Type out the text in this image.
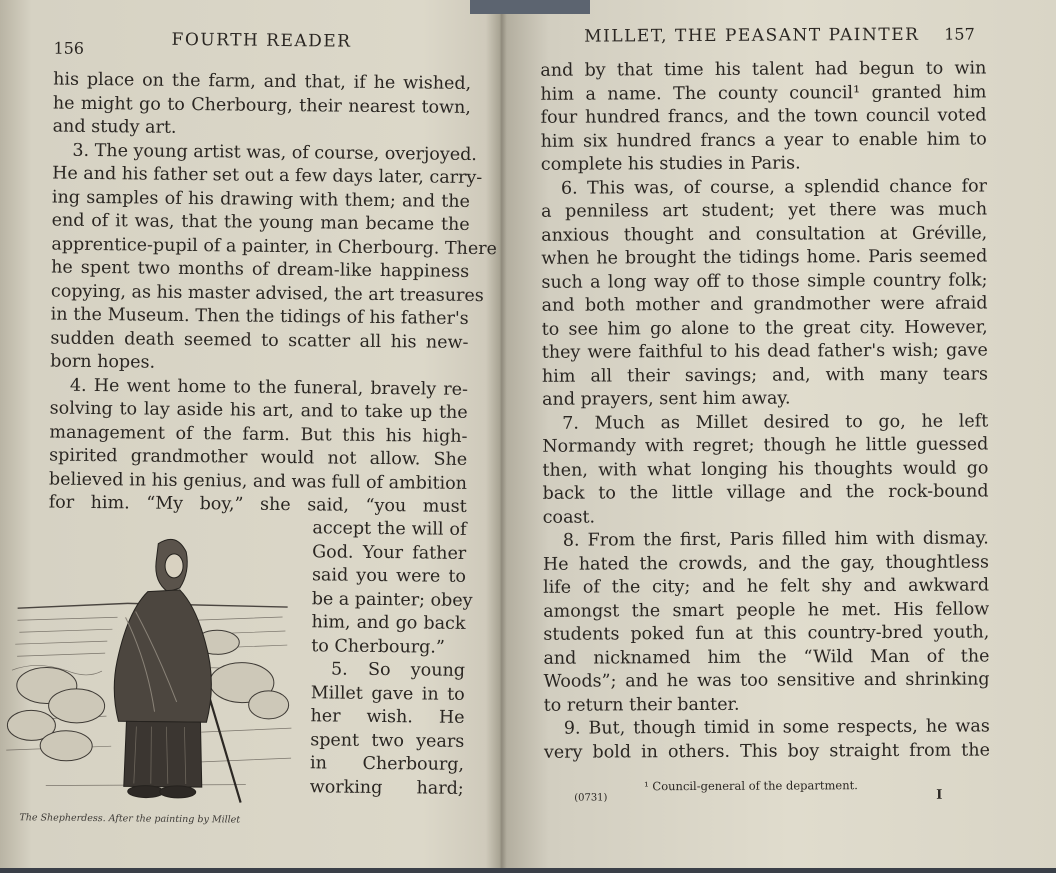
156	FOURTH READER
his place on the farm, and that, if he wished,
he might go to Cherbourg, their nearest town,
and study art.
3. The young artist was, of course, overjoyed.
He and his father set out a few days later, carry-
ing samples of his drawing with them; and the
end of it was, that the young man became the
apprentice-pupil of a painter, in Cherbourg. There
he spent two months of dream-like happiness
copying, as his master advised, the art treasures
in the Museum. Then the tidings of his father's
sudden death seemed to scatter all his new-
born hopes.
4. He went home to the funeral, bravely re-
solving to lay aside his art, and to take up the
management of the farm. But this his high-
spirited grandmother would not allow. She
believed in his genius, and was full of ambition
for him. “My boy,” she said, “you must
accept the will of
God. Your father
said you were to
be a painter; obey
him, and go back
to Cherbourg.”
5. So young
Millet gave in to
her wish. He
spent two years
in Cherbourg,
working hard;
The Shepherdess. After the painting by Millet
MILLET, THE PEASANT PAINTER 157
and by that time his talent had begun to win
him a name. The county council¹ granted him
four hundred francs, and the town council voted
him six hundred francs a year to enable him to
complete his studies in Paris.
6. This was, of course, a splendid chance for
a penniless art student; yet there was much
anxious thought and consultation at Gréville,
when he brought the tidings home. Paris seemed
such a long way off to those simple country folk;
and both mother and grandmother were afraid
to see him go alone to the great city. However,
they were faithful to his dead father's wish; gave
him all their savings; and, with many tears
and prayers, sent him away.
7. Much as Millet desired to go, he left
Normandy with regret; though he little guessed
then, with what longing his thoughts would go
back to the little village and the rock-bound
coast.
8. From the first, Paris filled him with dismay.
He hated the crowds, and the gay, thoughtless
life of the city; and he felt shy and awkward
amongst the smart people he met. His fellow
students poked fun at this country-bred youth,
and nicknamed him the “Wild Man of the
Woods”; and he was too sensitive and shrinking
to return their banter.
9. But, though timid in some respects, he was
very bold in others. This boy straight from the
¹ Council-general of the department.
(0731)	I
